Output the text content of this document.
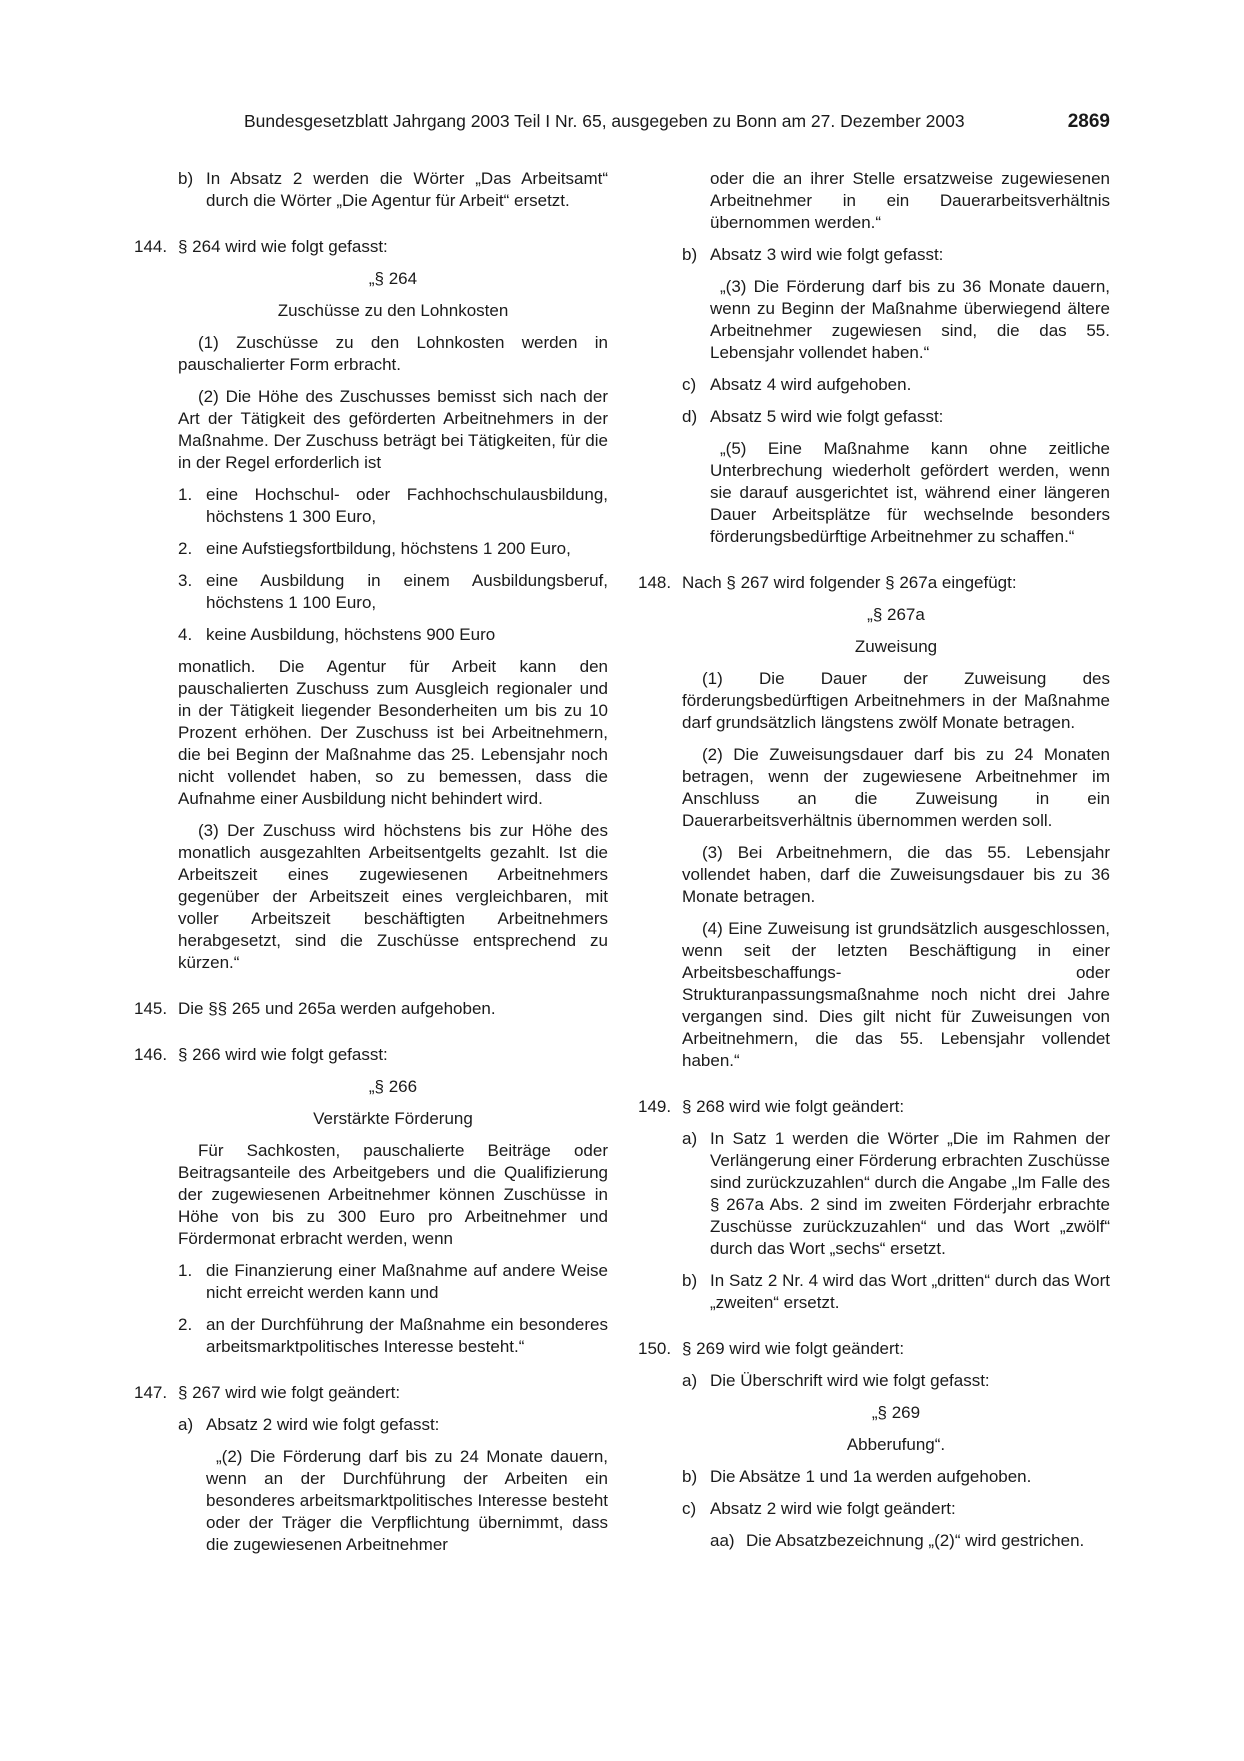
Bundesgesetzblatt Jahrgang 2003 Teil I Nr. 65, ausgegeben zu Bonn am 27. Dezember 2003	2869
b) In Absatz 2 werden die Wörter „Das Arbeitsamt“ durch die Wörter „Die Agentur für Arbeit“ ersetzt.
144. § 264 wird wie folgt gefasst:
„§ 264
Zuschüsse zu den Lohnkosten

(1) Zuschüsse zu den Lohnkosten werden in pauschalierter Form erbracht.

(2) Die Höhe des Zuschusses bemisst sich nach der Art der Tätigkeit des geförderten Arbeitnehmers in der Maßnahme. Der Zuschuss beträgt bei Tätigkeiten, für die in der Regel erforderlich ist

1. eine Hochschul- oder Fachhochschulausbildung, höchstens 1 300 Euro,
2. eine Aufstiegsfortbildung, höchstens 1 200 Euro,
3. eine Ausbildung in einem Ausbildungsberuf, höchstens 1 100 Euro,
4. keine Ausbildung, höchstens 900 Euro

monatlich. Die Agentur für Arbeit kann den pauschalierten Zuschuss zum Ausgleich regionaler und in der Tätigkeit liegender Besonderheiten um bis zu 10 Prozent erhöhen. Der Zuschuss ist bei Arbeitnehmern, die bei Beginn der Maßnahme das 25. Lebensjahr noch nicht vollendet haben, so zu bemessen, dass die Aufnahme einer Ausbildung nicht behindert wird.

(3) Der Zuschuss wird höchstens bis zur Höhe des monatlich ausgezahlten Arbeitsentgelts gezahlt. Ist die Arbeitszeit eines zugewiesenen Arbeitnehmers gegenüber der Arbeitszeit eines vergleichbaren, mit voller Arbeitszeit beschäftigten Arbeitnehmers herabgesetzt, sind die Zuschüsse entsprechend zu kürzen.“

145. Die §§ 265 und 265a werden aufgehoben.
146. § 266 wird wie folgt gefasst:
„§ 266
Verstärkte Förderung

Für Sachkosten, pauschalierte Beiträge oder Beitragsanteile des Arbeitgebers und die Qualifizierung der zugewiesenen Arbeitnehmer können Zuschüsse in Höhe von bis zu 300 Euro pro Arbeitnehmer und Fördermonat erbracht werden, wenn

1. die Finanzierung einer Maßnahme auf andere Weise nicht erreicht werden kann und
2. an der Durchführung der Maßnahme ein besonderes arbeitsmarktpolitisches Interesse besteht.“
147. § 267 wird wie folgt geändert:
a) Absatz 2 wird wie folgt gefasst:

„(2) Die Förderung darf bis zu 24 Monate dauern, wenn an der Durchführung der Arbeiten ein besonderes arbeitsmarktpolitisches Interesse besteht oder der Träger die Verpflichtung übernimmt, dass die zugewiesenen Arbeitnehmer

oder die an ihrer Stelle ersatzweise zugewiesenen Arbeitnehmer in ein Dauerarbeitsverhältnis übernommen werden.“

b) Absatz 3 wird wie folgt gefasst:

„(3) Die Förderung darf bis zu 36 Monate dauern, wenn zu Beginn der Maßnahme überwiegend ältere Arbeitnehmer zugewiesen sind, die das 55. Lebensjahr vollendet haben.“

c) Absatz 4 wird aufgehoben.
d) Absatz 5 wird wie folgt gefasst:

„(5) Eine Maßnahme kann ohne zeitliche Unterbrechung wiederholt gefördert werden, wenn sie darauf ausgerichtet ist, während einer längeren Dauer Arbeitsplätze für wechselnde besonders förderungsbedürftige Arbeitnehmer zu schaffen.“

148. Nach § 267 wird folgender § 267a eingefügt:
„§ 267a
Zuweisung

(1) Die Dauer der Zuweisung des förderungsbedürftigen Arbeitnehmers in der Maßnahme darf grundsätzlich längstens zwölf Monate betragen.

(2) Die Zuweisungsdauer darf bis zu 24 Monaten betragen, wenn der zugewiesene Arbeitnehmer im Anschluss an die Zuweisung in ein Dauerarbeitsverhältnis übernommen werden soll.

(3) Bei Arbeitnehmern, die das 55. Lebensjahr vollendet haben, darf die Zuweisungsdauer bis zu 36 Monate betragen.

(4) Eine Zuweisung ist grundsätzlich ausgeschlossen, wenn seit der letzten Beschäftigung in einer Arbeitsbeschaffungs- oder Strukturanpassungsmaßnahme noch nicht drei Jahre vergangen sind. Dies gilt nicht für Zuweisungen von Arbeitnehmern, die das 55. Lebensjahr vollendet haben.“

149. § 268 wird wie folgt geändert:
a) In Satz 1 werden die Wörter „Die im Rahmen der Verlängerung einer Förderung erbrachten Zuschüsse sind zurückzuzahlen“ durch die Angabe „Im Falle des § 267a Abs. 2 sind im zweiten Förderjahr erbrachte Zuschüsse zurückzuzahlen“ und das Wort „zwölf“ durch das Wort „sechs“ ersetzt.
b) In Satz 2 Nr. 4 wird das Wort „dritten“ durch das Wort „zweiten“ ersetzt.
150. § 269 wird wie folgt geändert:
a) Die Überschrift wird wie folgt gefasst:
„§ 269
Abberufung“.
b) Die Absätze 1 und 1a werden aufgehoben.
c) Absatz 2 wird wie folgt geändert:
aa) Die Absatzbezeichnung „(2)“ wird gestrichen.
